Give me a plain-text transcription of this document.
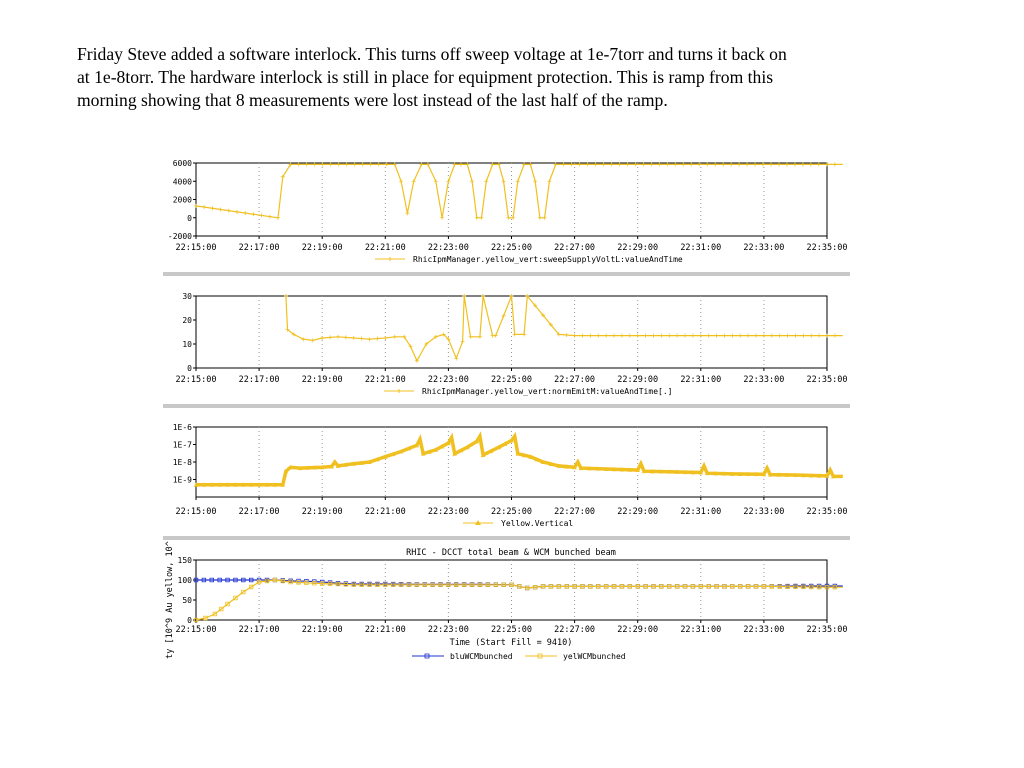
Friday Steve added a software interlock. This turns off sweep voltage at 1e-7torr and turns it back on
at 1e-8torr. The hardware interlock is still in place for equipment protection. This is ramp from this
morning showing that 8 measurements were lost instead of the last half of the ramp.
22:15:00	22:17:00	22:19:00	22:21:00	22:23:00	22:25:00	22:27:00	22:29:00	22:31:00	22:33:00	22:35:00
6000
4000
2000
0
-2000
RhicIpmManager.yellow_vert:sweepSupplyVoltL:valueAndTime
22:15:00	22:17:00	22:19:00	22:21:00	22:23:00	22:25:00	22:27:00	22:29:00	22:31:00	22:33:00	22:35:00
30
20
10
0
RhicIpmManager.yellow_vert:normEmitM:valueAndTime[.]
22:15:00	22:17:00	22:19:00	22:21:00	22:23:00	22:25:00	22:27:00	22:29:00	22:31:00	22:33:00	22:35:00
1E-6
1E-7
1E-8
1E-9
Yellow.Vertical
22:15:00	22:17:00	22:19:00	22:21:00	22:23:00	22:25:00	22:27:00	22:29:00	22:31:00	22:33:00	22:35:00
150
100
50
0
RHIC - DCCT total beam & WCM bunched beam
Time (Start Fill = 9410)
ty [10^9 Au yellow, 10^	bluWCMbunched	yelWCMbunched
